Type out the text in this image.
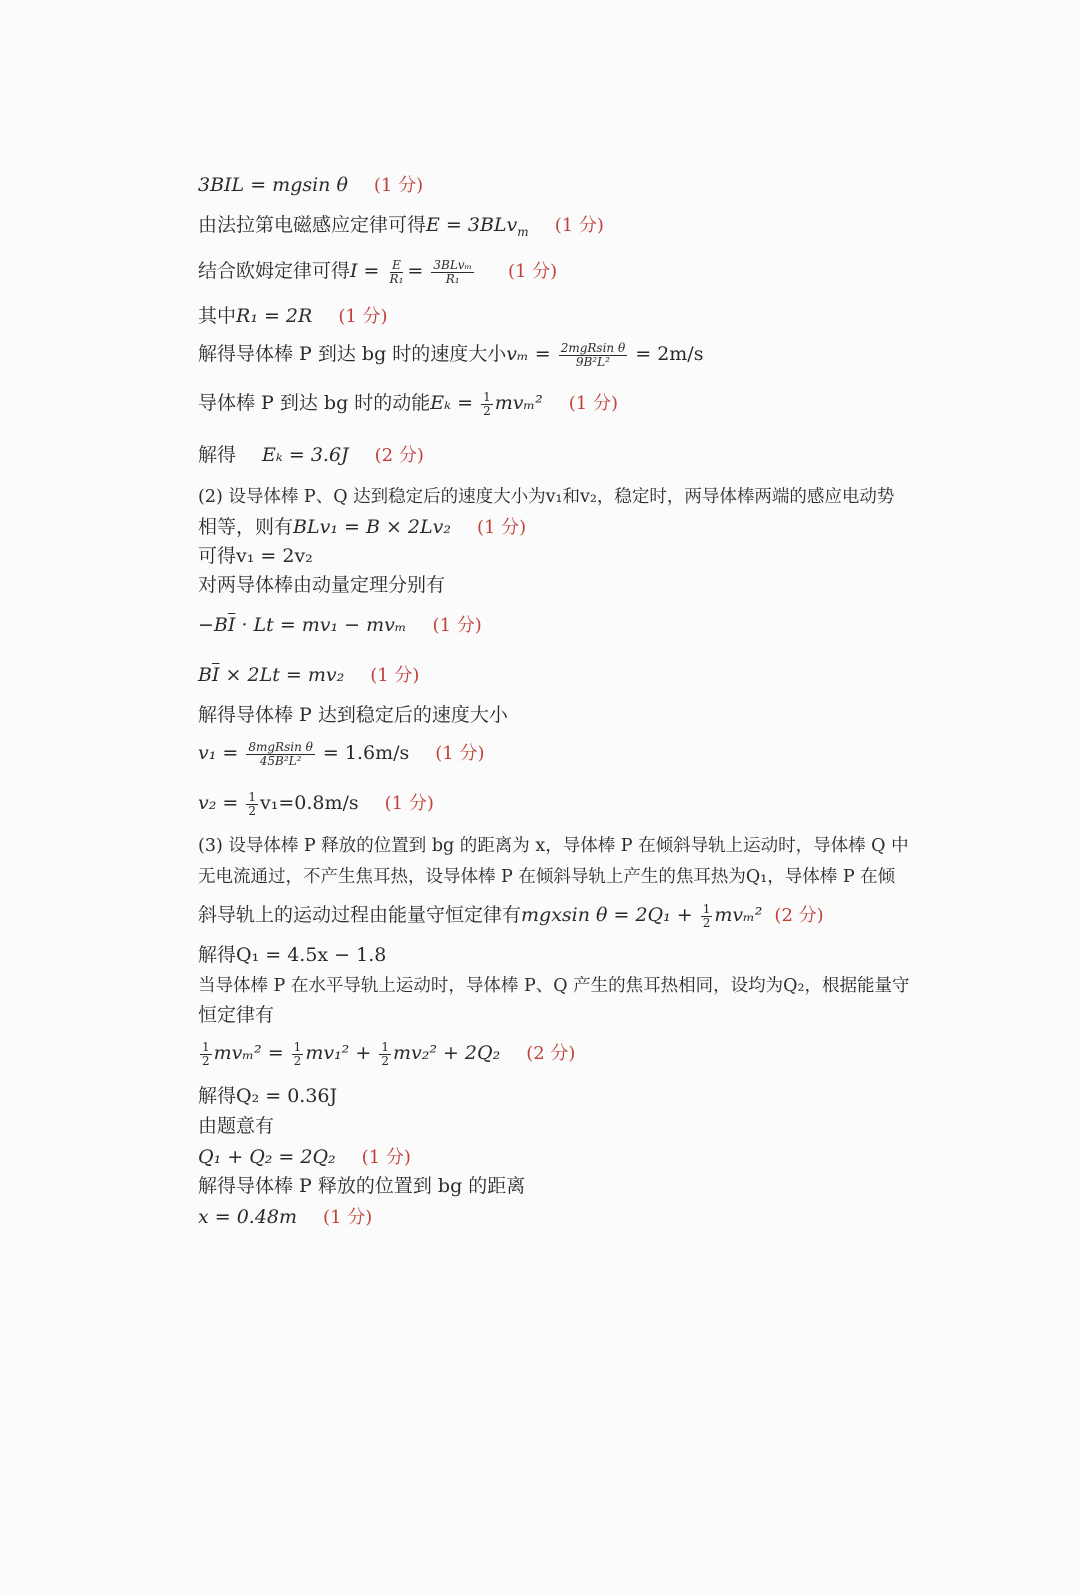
3BIL = mgsin θ (1 分)
由法拉第电磁感应定律可得E = 3BLv$_m$ (1 分)
结合欧姆定律可得$I = \frac{E}{\text{R₁}} = \frac{\text{3BLvₘ}}{\text{R₁}} (1$ 分)
其中R₁ = 2R (1 分)
解得导体棒 P 到达 bg 时的速度大小$v_m = \frac{\text{2mgRsin θ}}{\text{9B²L²}} = 2m/s$
导体棒 P 到达 bg 时的动能$E_k = \frac{1}{2} mv_m^2$ (1 分)
解得 Eₖ = 3.6J (2 分)
(2) 设导体棒 P、Q 达到稳定后的速度大小为v₁和v₂，稳定时，两导体棒两端的感应电动势
相等，则有BLv₁ = B × 2Lv₂ (1 分)
可得v₁ = 2v₂
对两导体棒由动量定理分别有
$-B\overline{I} \cdot Lt = mv_1 - mv_m$ (1 分)
$B\overline{I} \times 2Lt = mv_2$ (1 分)
解得导体棒 P 达到稳定后的速度大小
$v_1 = \frac{\text{8mgRsin θ}}{\text{45B²L²}} = 1.6m/s$ (1 分)
$v_2 = \frac{1}{2} v_1=0.8m/s$ (1 分)
(3) 设导体棒 P 释放的位置到 bg 的距离为 x，导体棒 P 在倾斜导轨上运动时，导体棒 Q 中
无电流通过，不产生焦耳热，设导体棒 P 在倾斜导轨上产生的焦耳热为Q₁，导体棒 P 在倾
斜导轨上的运动过程由能量守恒定律有mgxsin $\theta = 2Q_1 + \frac{1}{2} mv_m^2$ (2 分)
解得Q₁ = 4.5x − 1.8
当导体棒 P 在水平导轨上运动时，导体棒 P、Q 产生的焦耳热相同，设均为Q₂，根据能量守
恒定律有
$\frac{1}{2} mv_m^2 = \frac{1}{2} mv_1^2 + \frac{1}{2} mv_2^2 + 2Q_2$ (2 分)
解得Q₂ = 0.36J
由题意有
Q₁ + Q₂ = 2Q₂ (1 分)
解得导体棒 P 释放的位置到 bg 的距离
x = 0.48m (1 分)
